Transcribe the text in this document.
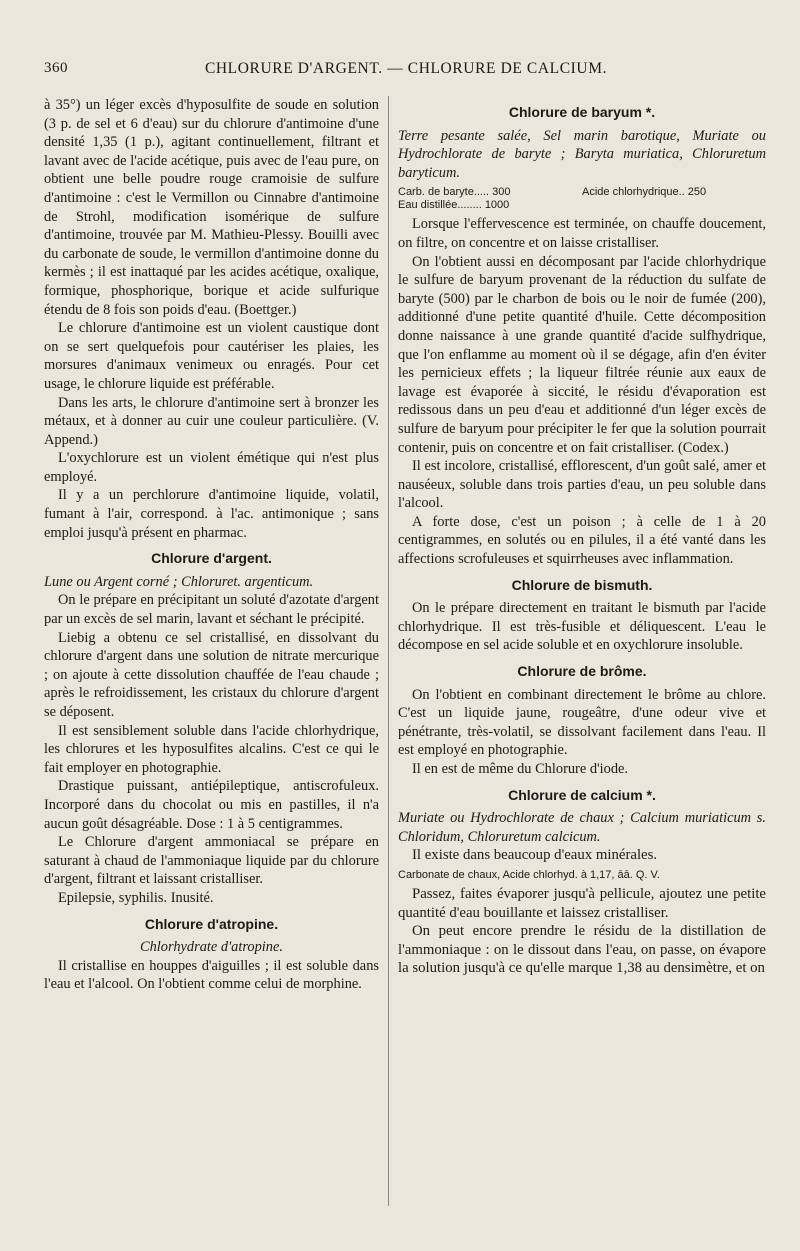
360	CHLORURE D'ARGENT. — CHLORURE DE CALCIUM.

à 35°) un léger excès d'hyposulfite de soude en solution (3 p. de sel et 6 d'eau) sur du chlorure d'antimoine d'une densité 1,35 (1 p.), agitant continuellement, filtrant et lavant avec de l'acide acétique, puis avec de l'eau pure, on obtient une belle poudre rouge cramoisie de sulfure d'antimoine : c'est le Vermillon ou Cinnabre d'antimoine de Strohl, modification isomérique de sulfure d'antimoine, trouvée par M. Mathieu-Plessy. Bouilli avec du carbonate de soude, le vermillon d'antimoine donne du kermès ; il est inattaqué par les acides acétique, oxalique, formique, phosphorique, borique et acide sulfurique étendu de 8 fois son poids d'eau. (Boettger.)

Le chlorure d'antimoine est un violent caustique dont on se sert quelquefois pour cautériser les plaies, les morsures d'animaux venimeux ou enragés. Pour cet usage, le chlorure liquide est préférable.

Dans les arts, le chlorure d'antimoine sert à bronzer les métaux, et à donner au cuir une couleur particulière. (V. Append.)

L'oxychlorure est un violent émétique qui n'est plus employé.

Il y a un perchlorure d'antimoine liquide, volatil, fumant à l'air, correspond. à l'ac. antimonique ; sans emploi jusqu'à présent en pharmac.

Chlorure d'argent.

Lune ou Argent corné ; Chloruret. argenticum.

On le prépare en précipitant un soluté d'azotate d'argent par un excès de sel marin, lavant et séchant le précipité.

Liebig a obtenu ce sel cristallisé, en dissolvant du chlorure d'argent dans une solution de nitrate mercurique ; on ajoute à cette dissolution chauffée de l'eau chaude ; après le refroidissement, les cristaux du chlorure d'argent se déposent.

Il est sensiblement soluble dans l'acide chlorhydrique, les chlorures et les hyposulfites alcalins. C'est ce qui le fait employer en photographie.

Drastique puissant, antiépileptique, antiscrofuleux. Incorporé dans du chocolat ou mis en pastilles, il n'a aucun goût désagréable. Dose : 1 à 5 centigrammes.

Le Chlorure d'argent ammoniacal se prépare en saturant à chaud de l'ammoniaque liquide par du chlorure d'argent, filtrant et laissant cristalliser.

Epilepsie, syphilis. Inusité.

Chlorure d'atropine.

Chlorhydrate d'atropine.

Il cristallise en houppes d'aiguilles ; il est soluble dans l'eau et l'alcool. On l'obtient comme celui de morphine.

Chlorure de baryum *.

Terre pesante salée, Sel marin barotique, Muriate ou Hydrochlorate de baryte ; Baryta muriatica, Chloruretum baryticum.

Carb. de baryte..... 300	Acide chlorhydrique.. 250
Eau distillée........ 1000

Lorsque l'effervescence est terminée, on chauffe doucement, on filtre, on concentre et on laisse cristalliser.

On l'obtient aussi en décomposant par l'acide chlorhydrique le sulfure de baryum provenant de la réduction du sulfate de baryte (500) par le charbon de bois ou le noir de fumée (200), additionné d'une petite quantité d'huile. Cette décomposition donne naissance à une grande quantité d'acide sulfhydrique, que l'on enflamme au moment où il se dégage, afin d'en éviter les pernicieux effets ; la liqueur filtrée réunie aux eaux de lavage est évaporée à siccité, le résidu d'évaporation est redissous dans un peu d'eau et additionné d'un léger excès de sulfure de baryum pour précipiter le fer que la solution pourrait contenir, puis on concentre et on fait cristalliser. (Codex.)

Il est incolore, cristallisé, efflorescent, d'un goût salé, amer et nauséeux, soluble dans trois parties d'eau, un peu soluble dans l'alcool.

A forte dose, c'est un poison ; à celle de 1 à 20 centigrammes, en solutés ou en pilules, il a été vanté dans les affections scrofuleuses et squirrheuses avec inflammation.

Chlorure de bismuth.

On le prépare directement en traitant le bismuth par l'acide chlorhydrique. Il est très-fusible et déliquescent. L'eau le décompose en sel acide soluble et en oxychlorure insoluble.

Chlorure de brôme.

On l'obtient en combinant directement le brôme au chlore. C'est un liquide jaune, rougeâtre, d'une odeur vive et pénétrante, très-volatil, se dissolvant facilement dans l'eau. Il est employé en photographie.

Il en est de même du Chlorure d'iode.

Chlorure de calcium *.

Muriate ou Hydrochlorate de chaux ; Calcium muriaticum s. Chloridum, Chloruretum calcicum.

Il existe dans beaucoup d'eaux minérales.

Carbonate de chaux, Acide chlorhyd. à 1,17, āā. Q. V.

Passez, faites évaporer jusqu'à pellicule, ajoutez une petite quantité d'eau bouillante et laissez cristalliser.

On peut encore prendre le résidu de la distillation de l'ammoniaque : on le dissout dans l'eau, on passe, on évapore la solution jusqu'à ce qu'elle marque 1,38 au densimètre, et on
